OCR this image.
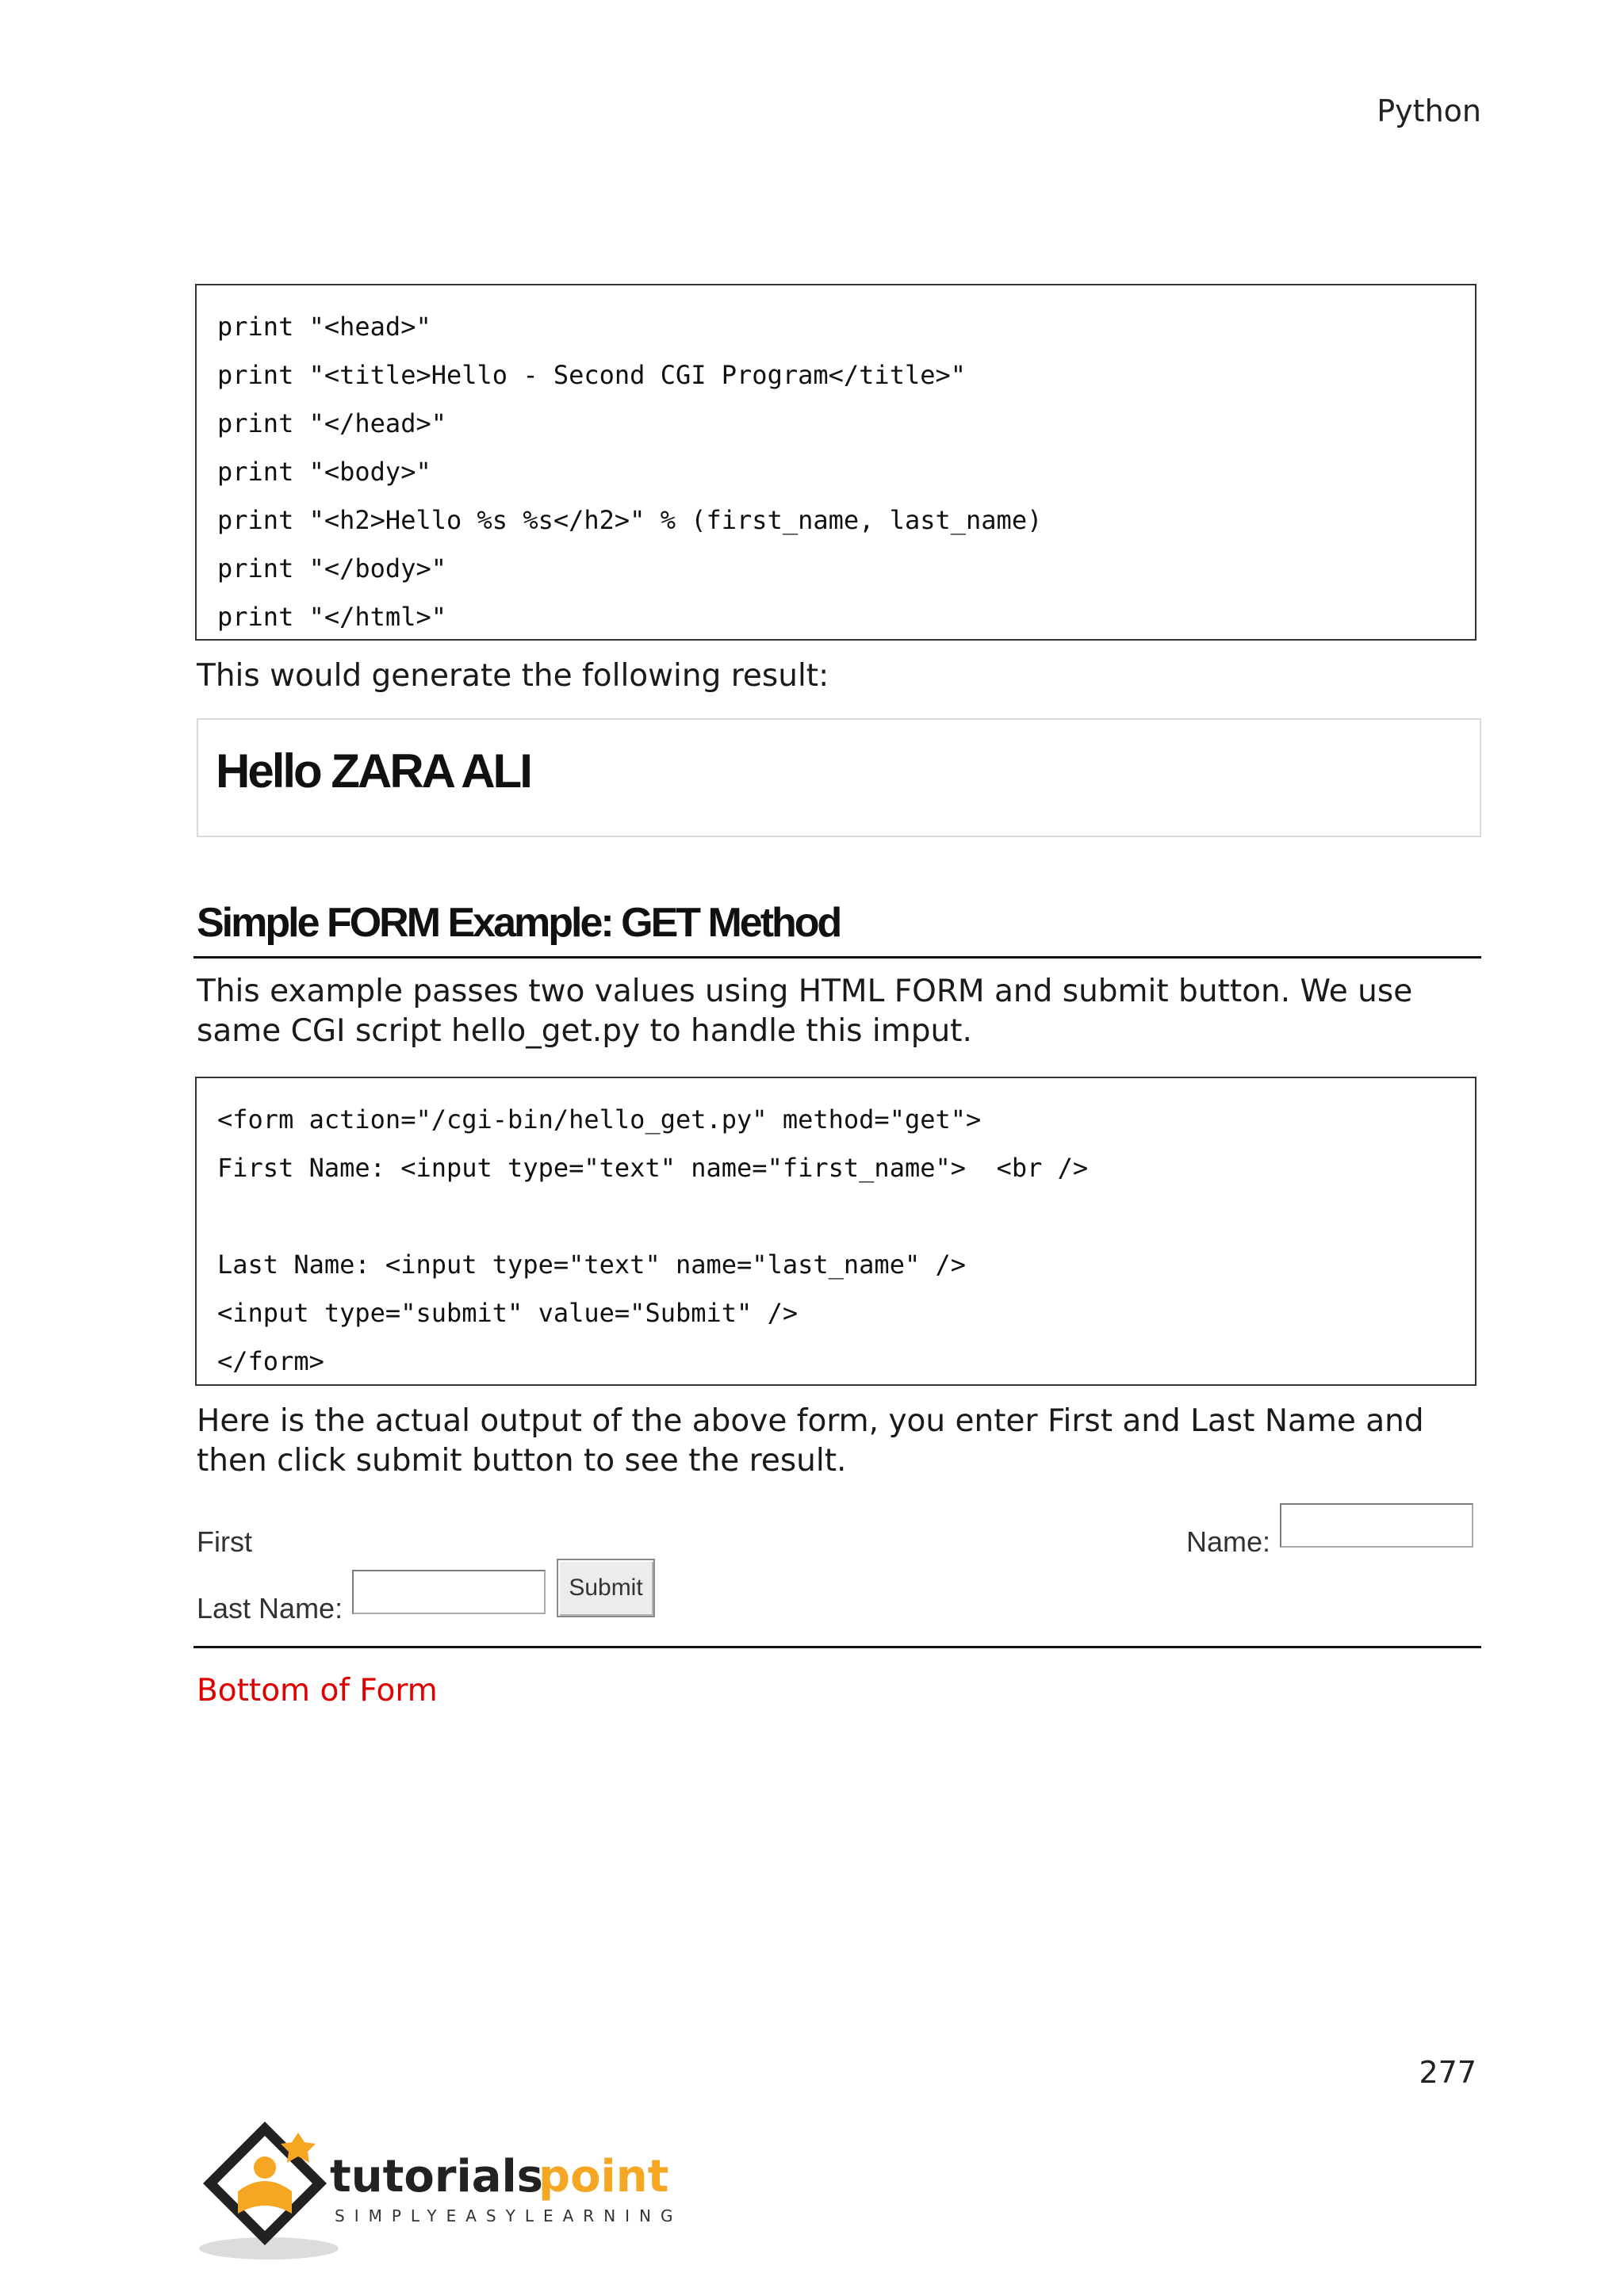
Python
print "<head>"
print "<title>Hello - Second CGI Program</title>"
print "</head>"
print "<body>"
print "<h2>Hello %s %s</h2>" % (first_name, last_name)
print "</body>"
print "</html>"
This would generate the following result:
Hello ZARA ALI
Simple FORM Example: GET Method
This example passes two values using HTML FORM and submit button. We use same CGI script hello_get.py to handle this imput.
<form action="/cgi-bin/hello_get.py" method="get">
First Name: <input type="text" name="first_name">  <br />
Last Name: <input type="text" name="last_name" />
<input type="submit" value="Submit" />
</form>
Here is the actual output of the above form, you enter First and Last Name and then click submit button to see the result.
First	Name:
Last Name:
Submit
Bottom of Form
277
tutorials
point
SIMPLYEASYLEARNING
